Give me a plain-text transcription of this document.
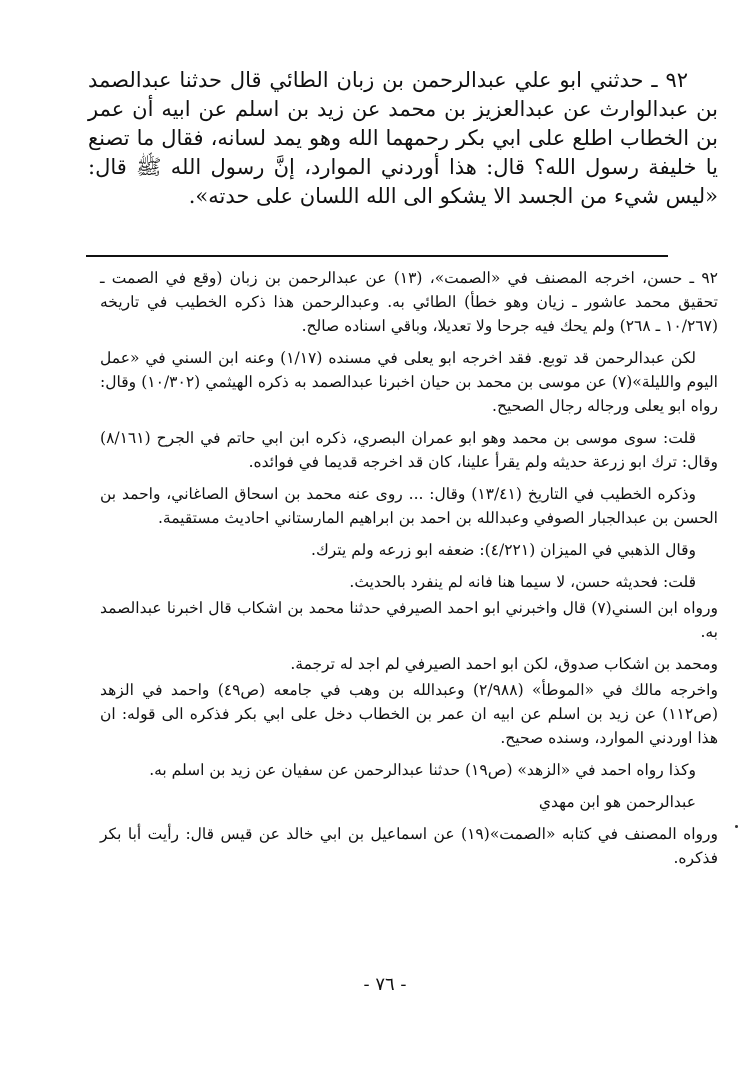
٩٢ ـ حدثني ابو علي عبدالرحمن بن زبان الطائي قال حدثنا عبدالصمد بن عبدالوارث عن عبدالعزيز بن محمد عن زيد بن اسلم عن ابيه أن عمر بن الخطاب اطلع على ابي بكر رحمهما الله وهو يمد لسانه، فقال ما تصنع يا خليفة رسول الله؟ قال: هذا أوردني الموارد، إنَّ رسول الله ﷺ قال: «ليس شيء من الجسد الا يشكو الى الله اللسان على حدته».

٩٢ ـ حسن، اخرجه المصنف في «الصمت»، (١٣) عن عبدالرحمن بن زبان (وقع في الصمت ـ تحقيق محمد عاشور ـ زيان وهو خطأ) الطائي به. وعبدالرحمن هذا ذكره الخطيب في تاريخه (١٠/٢٦٧ ـ ٢٦٨) ولم يحك فيه جرحا ولا تعديلا، وباقي اسناده صالح.

لكن عبدالرحمن قد توبع. فقد اخرجه ابو يعلى في مسنده (١/١٧) وعنه ابن السني في «عمل اليوم والليلة»(٧) عن موسى بن محمد بن حيان اخبرنا عبدالصمد به ذكره الهيثمي (١٠/٣٠٢) وقال: رواه ابو يعلى ورجاله رجال الصحيح.

قلت: سوى موسى بن محمد وهو ابو عمران البصري، ذكره ابن ابي حاتم في الجرح (٨/١٦١) وقال: ترك ابو زرعة حديثه ولم يقرأ علينا، كان قد اخرجه قديما في فوائده.

وذكره الخطيب في التاريخ (١٣/٤١) وقال: ... روى عنه محمد بن اسحاق الصاغاني، واحمد بن الحسن بن عبدالجبار الصوفي وعبدالله بن احمد بن ابراهيم المارستاني احاديث مستقيمة.

وقال الذهبي في الميزان (٤/٢٢١): ضعفه ابو زرعه ولم يترك.

قلت: فحديثه حسن، لا سيما هنا فانه لم ينفرد بالحديث.

ورواه ابن السني(٧) قال واخبرني ابو احمد الصيرفي حدثنا محمد بن اشكاب قال اخبرنا عبدالصمد به.

ومحمد بن اشكاب صدوق، لكن ابو احمد الصيرفي لم اجد له ترجمة.

واخرجه مالك في «الموطأ» (٢/٩٨٨) وعبدالله بن وهب في جامعه (ص٤٩) واحمد في الزهد (ص١١٢) عن زيد بن اسلم عن ابيه ان عمر بن الخطاب دخل على ابي بكر فذكره الى قوله: ان هذا اوردني الموارد، وسنده صحيح.

وكذا رواه احمد في «الزهد» (ص١٩) حدثنا عبدالرحمن عن سفيان عن زيد بن اسلم به.

عبدالرحمن هو ابن مهدي

ورواه المصنف في كتابه «الصمت»(١٩) عن اسماعيل بن ابي خالد عن قيس قال: رأيت أبا بكر فذكره.

- ٧٦ -
